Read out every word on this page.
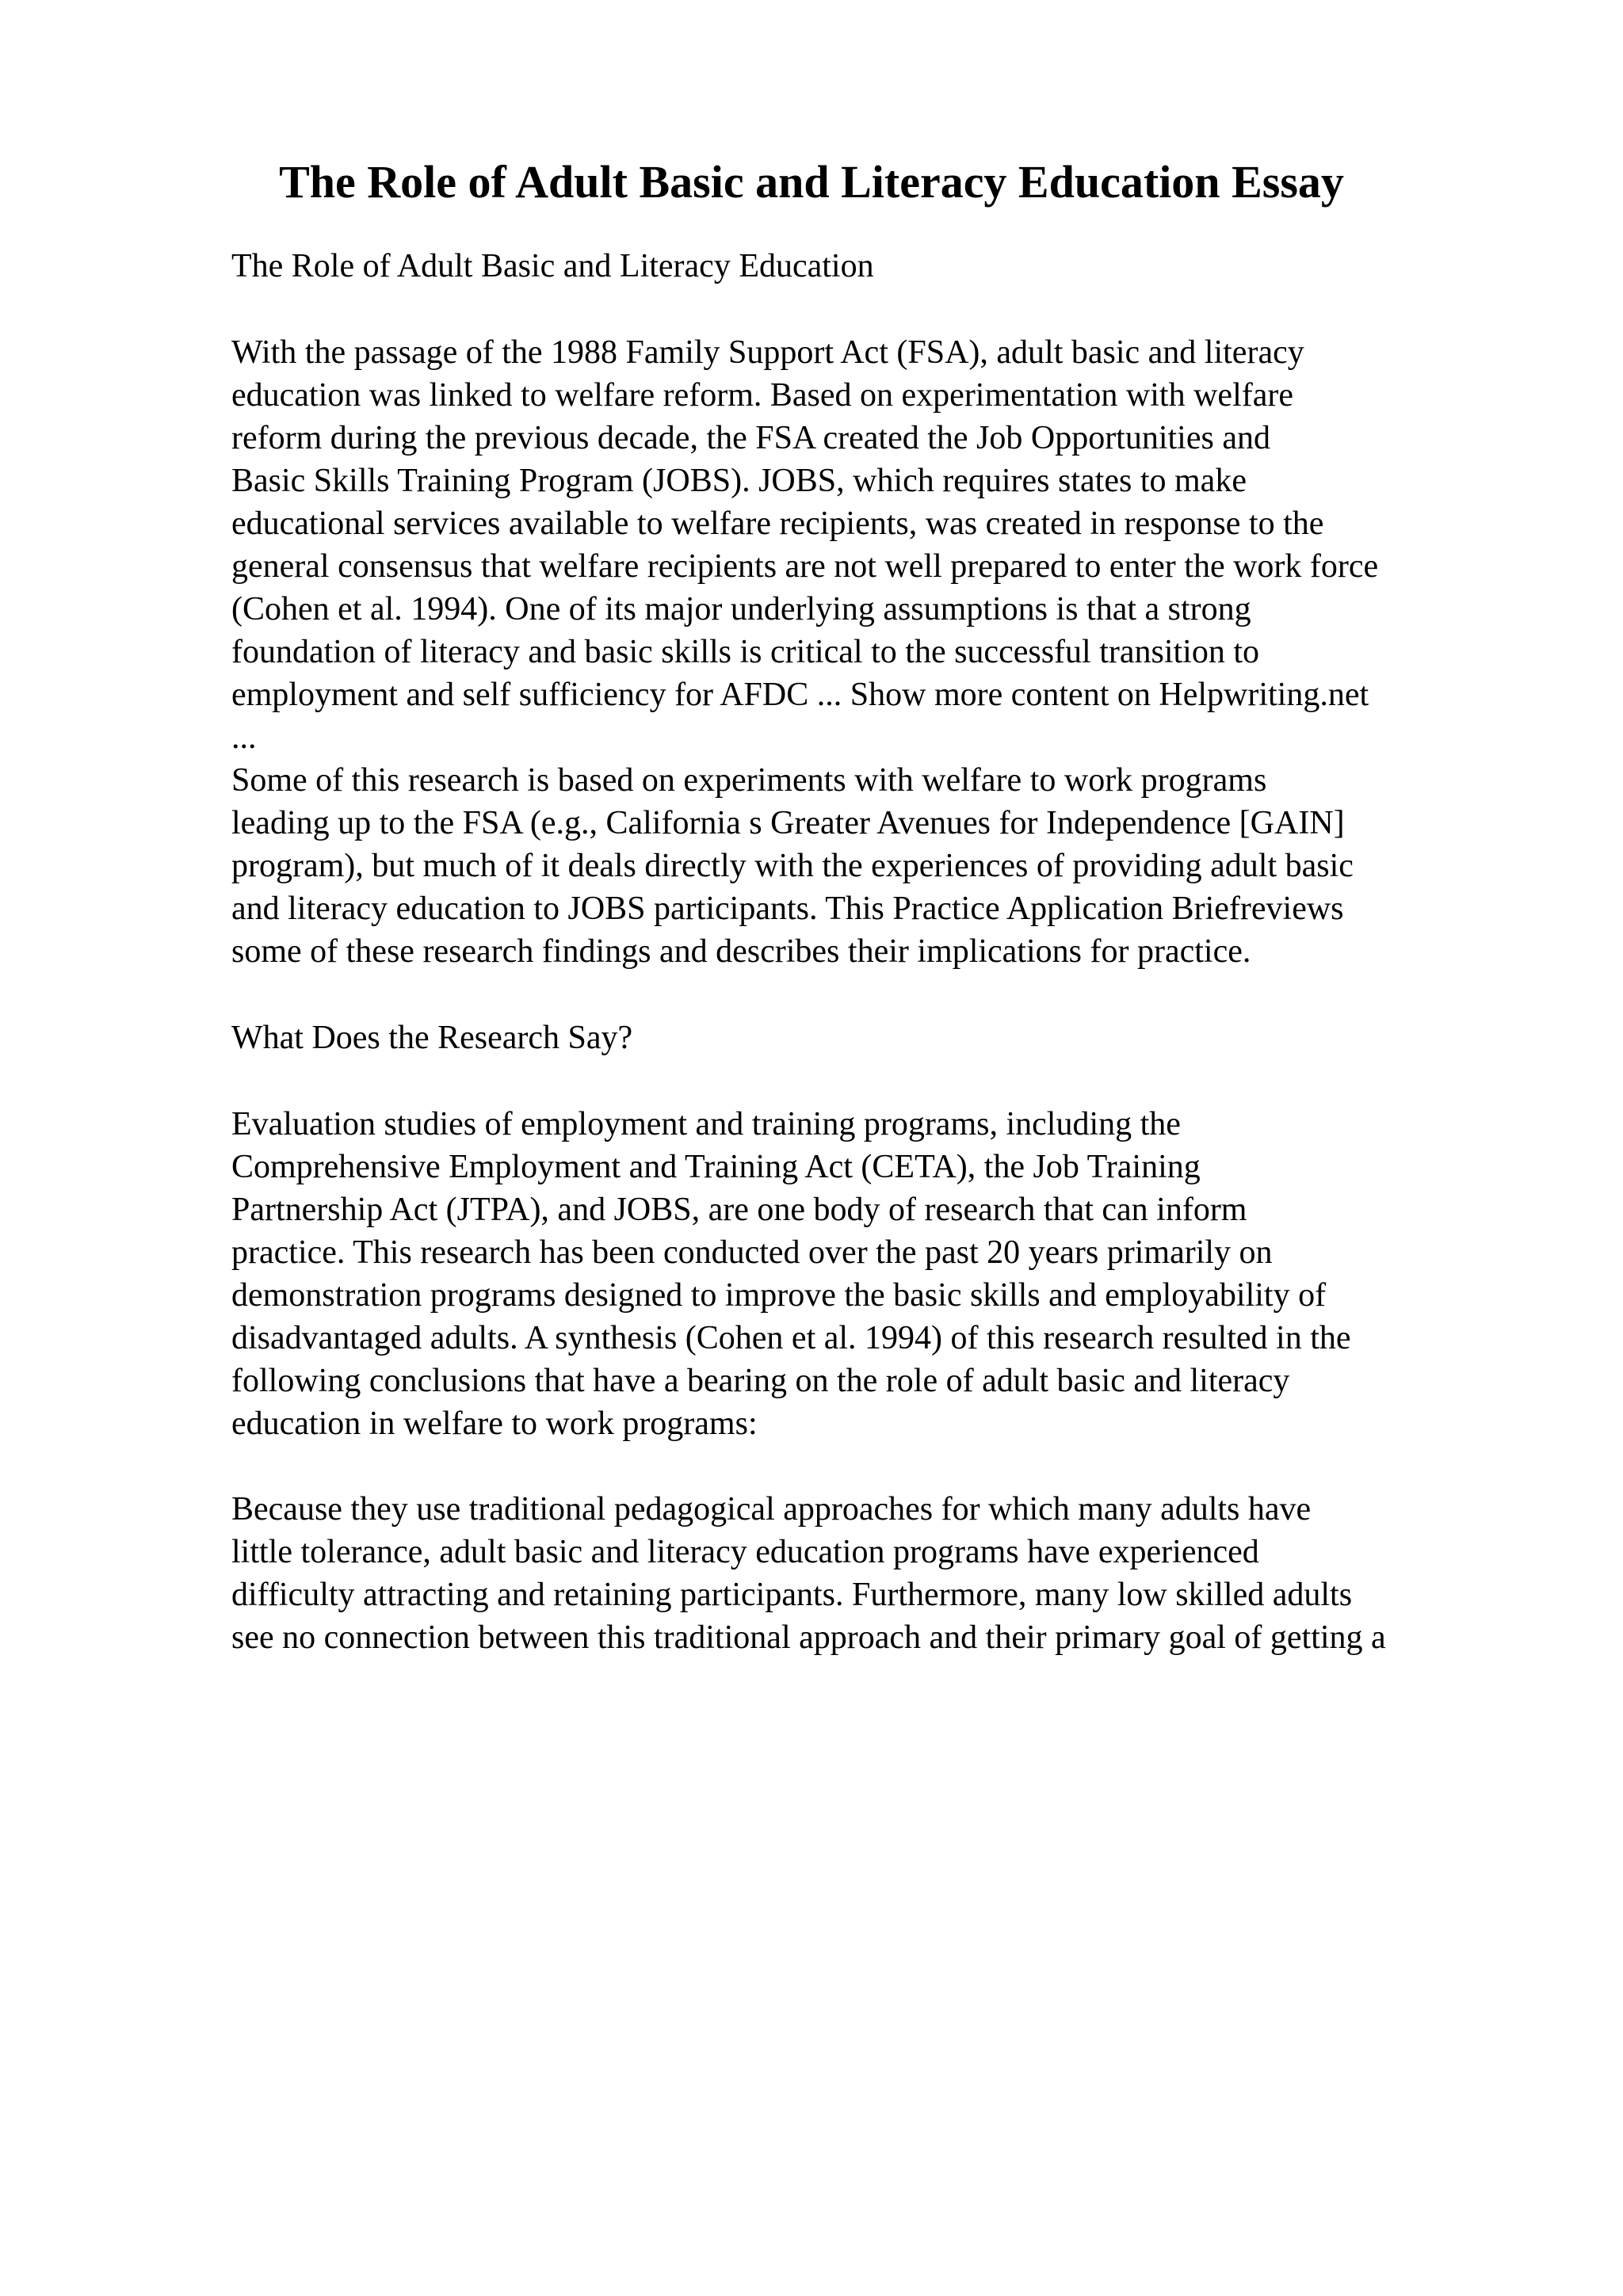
The Role of Adult Basic and Literacy Education Essay

The Role of Adult Basic and Literacy Education

With the passage of the 1988 Family Support Act (FSA), adult basic and literacy
education was linked to welfare reform. Based on experimentation with welfare
reform during the previous decade, the FSA created the Job Opportunities and
Basic Skills Training Program (JOBS). JOBS, which requires states to make
educational services available to welfare recipients, was created in response to the
general consensus that welfare recipients are not well prepared to enter the work force
(Cohen et al. 1994). One of its major underlying assumptions is that a strong
foundation of literacy and basic skills is critical to the successful transition to
employment and self sufficiency for AFDC ... Show more content on Helpwriting.net
...

Some of this research is based on experiments with welfare to work programs
leading up to the FSA (e.g., California s Greater Avenues for Independence [GAIN]
program), but much of it deals directly with the experiences of providing adult basic
and literacy education to JOBS participants. This Practice Application Briefreviews
some of these research findings and describes their implications for practice.

What Does the Research Say?

Evaluation studies of employment and training programs, including the
Comprehensive Employment and Training Act (CETA), the Job Training
Partnership Act (JTPA), and JOBS, are one body of research that can inform
practice. This research has been conducted over the past 20 years primarily on
demonstration programs designed to improve the basic skills and employability of
disadvantaged adults. A synthesis (Cohen et al. 1994) of this research resulted in the
following conclusions that have a bearing on the role of adult basic and literacy
education in welfare to work programs:

Because they use traditional pedagogical approaches for which many adults have
little tolerance, adult basic and literacy education programs have experienced
difficulty attracting and retaining participants. Furthermore, many low skilled adults
see no connection between this traditional approach and their primary goal of getting a
